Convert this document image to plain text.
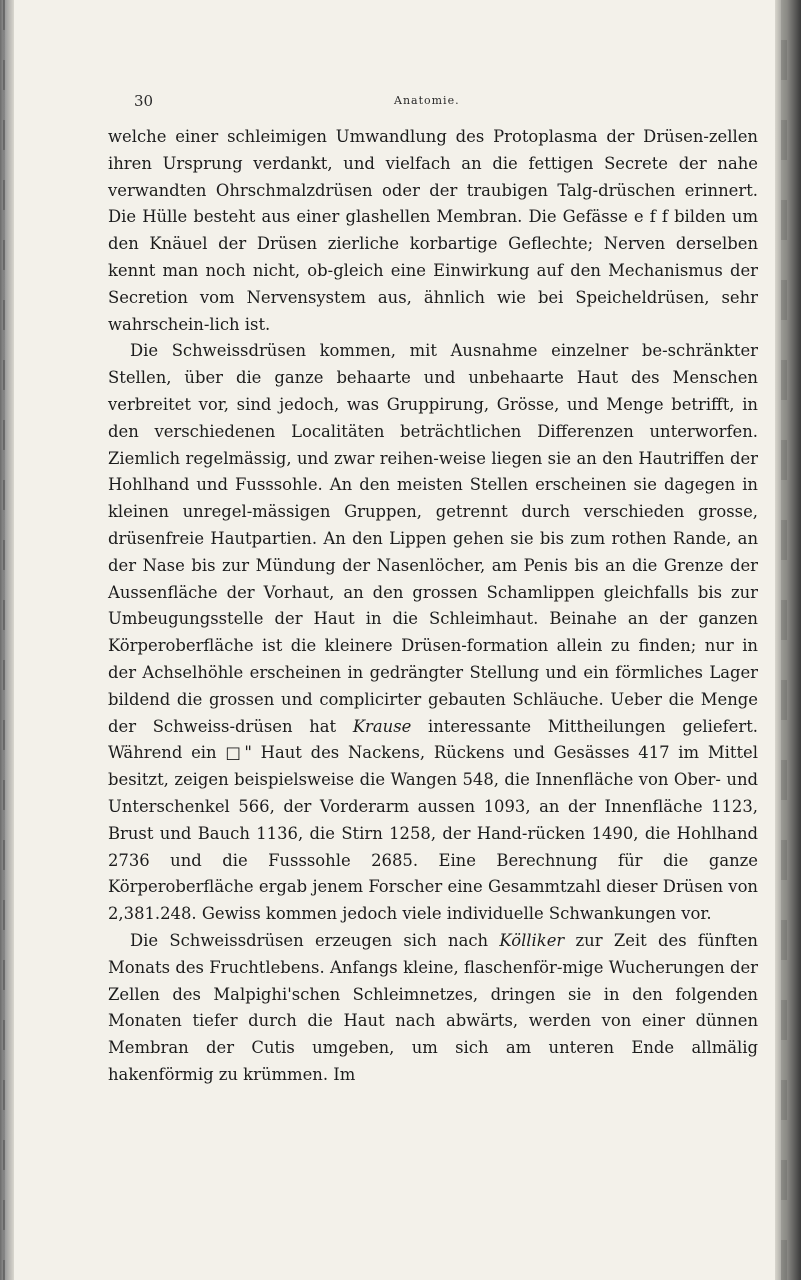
30	Anatomie.

welche einer schleimigen Umwandlung des Protoplasma der Drüsen-zellen ihren Ursprung verdankt, und vielfach an die fettigen Secrete der nahe verwandten Ohrschmalzdrüsen oder der traubigen Talg-drüschen erinnert. Die Hülle besteht aus einer glashellen Membran. Die Gefässe e f f bilden um den Knäuel der Drüsen zierliche korbartige Geflechte; Nerven derselben kennt man noch nicht, ob-gleich eine Einwirkung auf den Mechanismus der Secretion vom Nervensystem aus, ähnlich wie bei Speicheldrüsen, sehr wahrschein-lich ist.

Die Schweissdrüsen kommen, mit Ausnahme einzelner be-schränkter Stellen, über die ganze behaarte und unbehaarte Haut des Menschen verbreitet vor, sind jedoch, was Gruppirung, Grösse, und Menge betrifft, in den verschiedenen Localitäten beträchtlichen Differenzen unterworfen. Ziemlich regelmässig, und zwar reihen-weise liegen sie an den Hautriffen der Hohlhand und Fusssohle. An den meisten Stellen erscheinen sie dagegen in kleinen unregel-mässigen Gruppen, getrennt durch verschieden grosse, drüsenfreie Hautpartien. An den Lippen gehen sie bis zum rothen Rande, an der Nase bis zur Mündung der Nasenlöcher, am Penis bis an die Grenze der Aussenfläche der Vorhaut, an den grossen Schamlippen gleichfalls bis zur Umbeugungsstelle der Haut in die Schleimhaut. Beinahe an der ganzen Körperoberfläche ist die kleinere Drüsen-formation allein zu finden; nur in der Achselhöhle erscheinen in gedrängter Stellung und ein förmliches Lager bildend die grossen und complicirter gebauten Schläuche. Ueber die Menge der Schweiss-drüsen hat Krause interessante Mittheilungen geliefert. Während ein □" Haut des Nackens, Rückens und Gesässes 417 im Mittel besitzt, zeigen beispielsweise die Wangen 548, die Innenfläche von Ober- und Unterschenkel 566, der Vorderarm aussen 1093, an der Innenfläche 1123, Brust und Bauch 1136, die Stirn 1258, der Hand-rücken 1490, die Hohlhand 2736 und die Fusssohle 2685. Eine Berechnung für die ganze Körperoberfläche ergab jenem Forscher eine Gesammtzahl dieser Drüsen von 2,381.248. Gewiss kommen jedoch viele individuelle Schwankungen vor.

Die Schweissdrüsen erzeugen sich nach Kölliker zur Zeit des fünften Monats des Fruchtlebens. Anfangs kleine, flaschenför-mige Wucherungen der Zellen des Malpighi'schen Schleimnetzes, dringen sie in den folgenden Monaten tiefer durch die Haut nach abwärts, werden von einer dünnen Membran der Cutis umgeben, um sich am unteren Ende allmälig hakenförmig zu krümmen. Im
